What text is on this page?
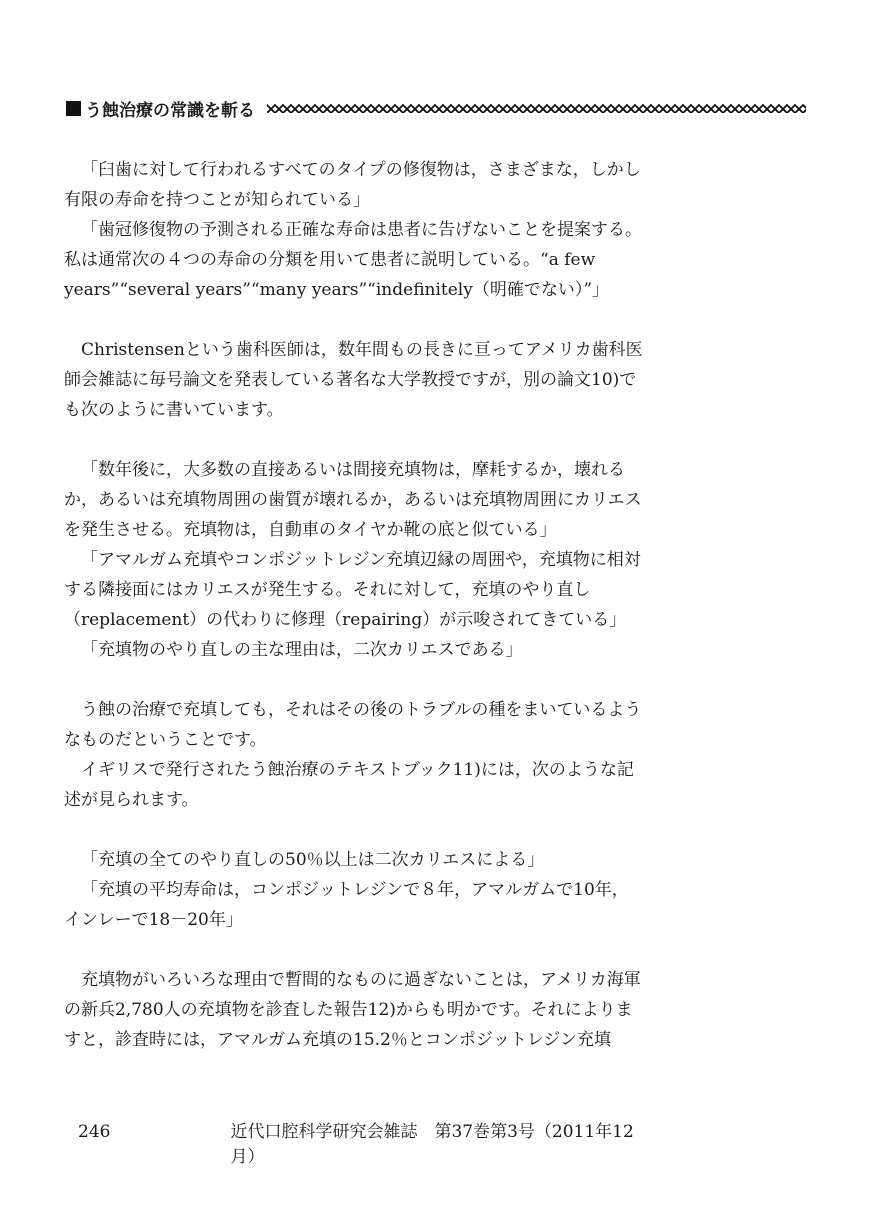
う蝕治療の常識を斬る

「臼歯に対して行われるすべてのタイプの修復物は，さまざまな，しかし有限の寿命を持つことが知られている」

「歯冠修復物の予測される正確な寿命は患者に告げないことを提案する。私は通常次の４つの寿命の分類を用いて患者に説明している。“a few years”“several years”“many years”“indefinitely（明確でない）”」

Christensenという歯科医師は，数年間もの長きに亘ってアメリカ歯科医師会雑誌に毎号論文を発表している著名な大学教授ですが，別の論文10)でも次のように書いています。

「数年後に，大多数の直接あるいは間接充填物は，摩耗するか，壊れるか，あるいは充填物周囲の歯質が壊れるか，あるいは充填物周囲にカリエスを発生させる。充填物は，自動車のタイヤか靴の底と似ている」

「アマルガム充填やコンポジットレジン充填辺縁の周囲や，充填物に相対する隣接面にはカリエスが発生する。それに対して，充填のやり直し（replacement）の代わりに修理（repairing）が示唆されてきている」

「充填物のやり直しの主な理由は，二次カリエスである」

う蝕の治療で充填しても，それはその後のトラブルの種をまいているようなものだということです。

イギリスで発行されたう蝕治療のテキストブック11)には，次のような記述が見られます。

「充填の全てのやり直しの50％以上は二次カリエスによる」

「充填の平均寿命は，コンポジットレジンで８年，アマルガムで10年，インレーで18－20年」

充填物がいろいろな理由で暫間的なものに過ぎないことは，アメリカ海軍の新兵2,780人の充填物を診査した報告12)からも明かです。それによりますと，診査時には，アマルガム充填の15.2％とコンポジットレジン充填

246	近代口腔科学研究会雑誌　第37巻第3号（2011年12月）
